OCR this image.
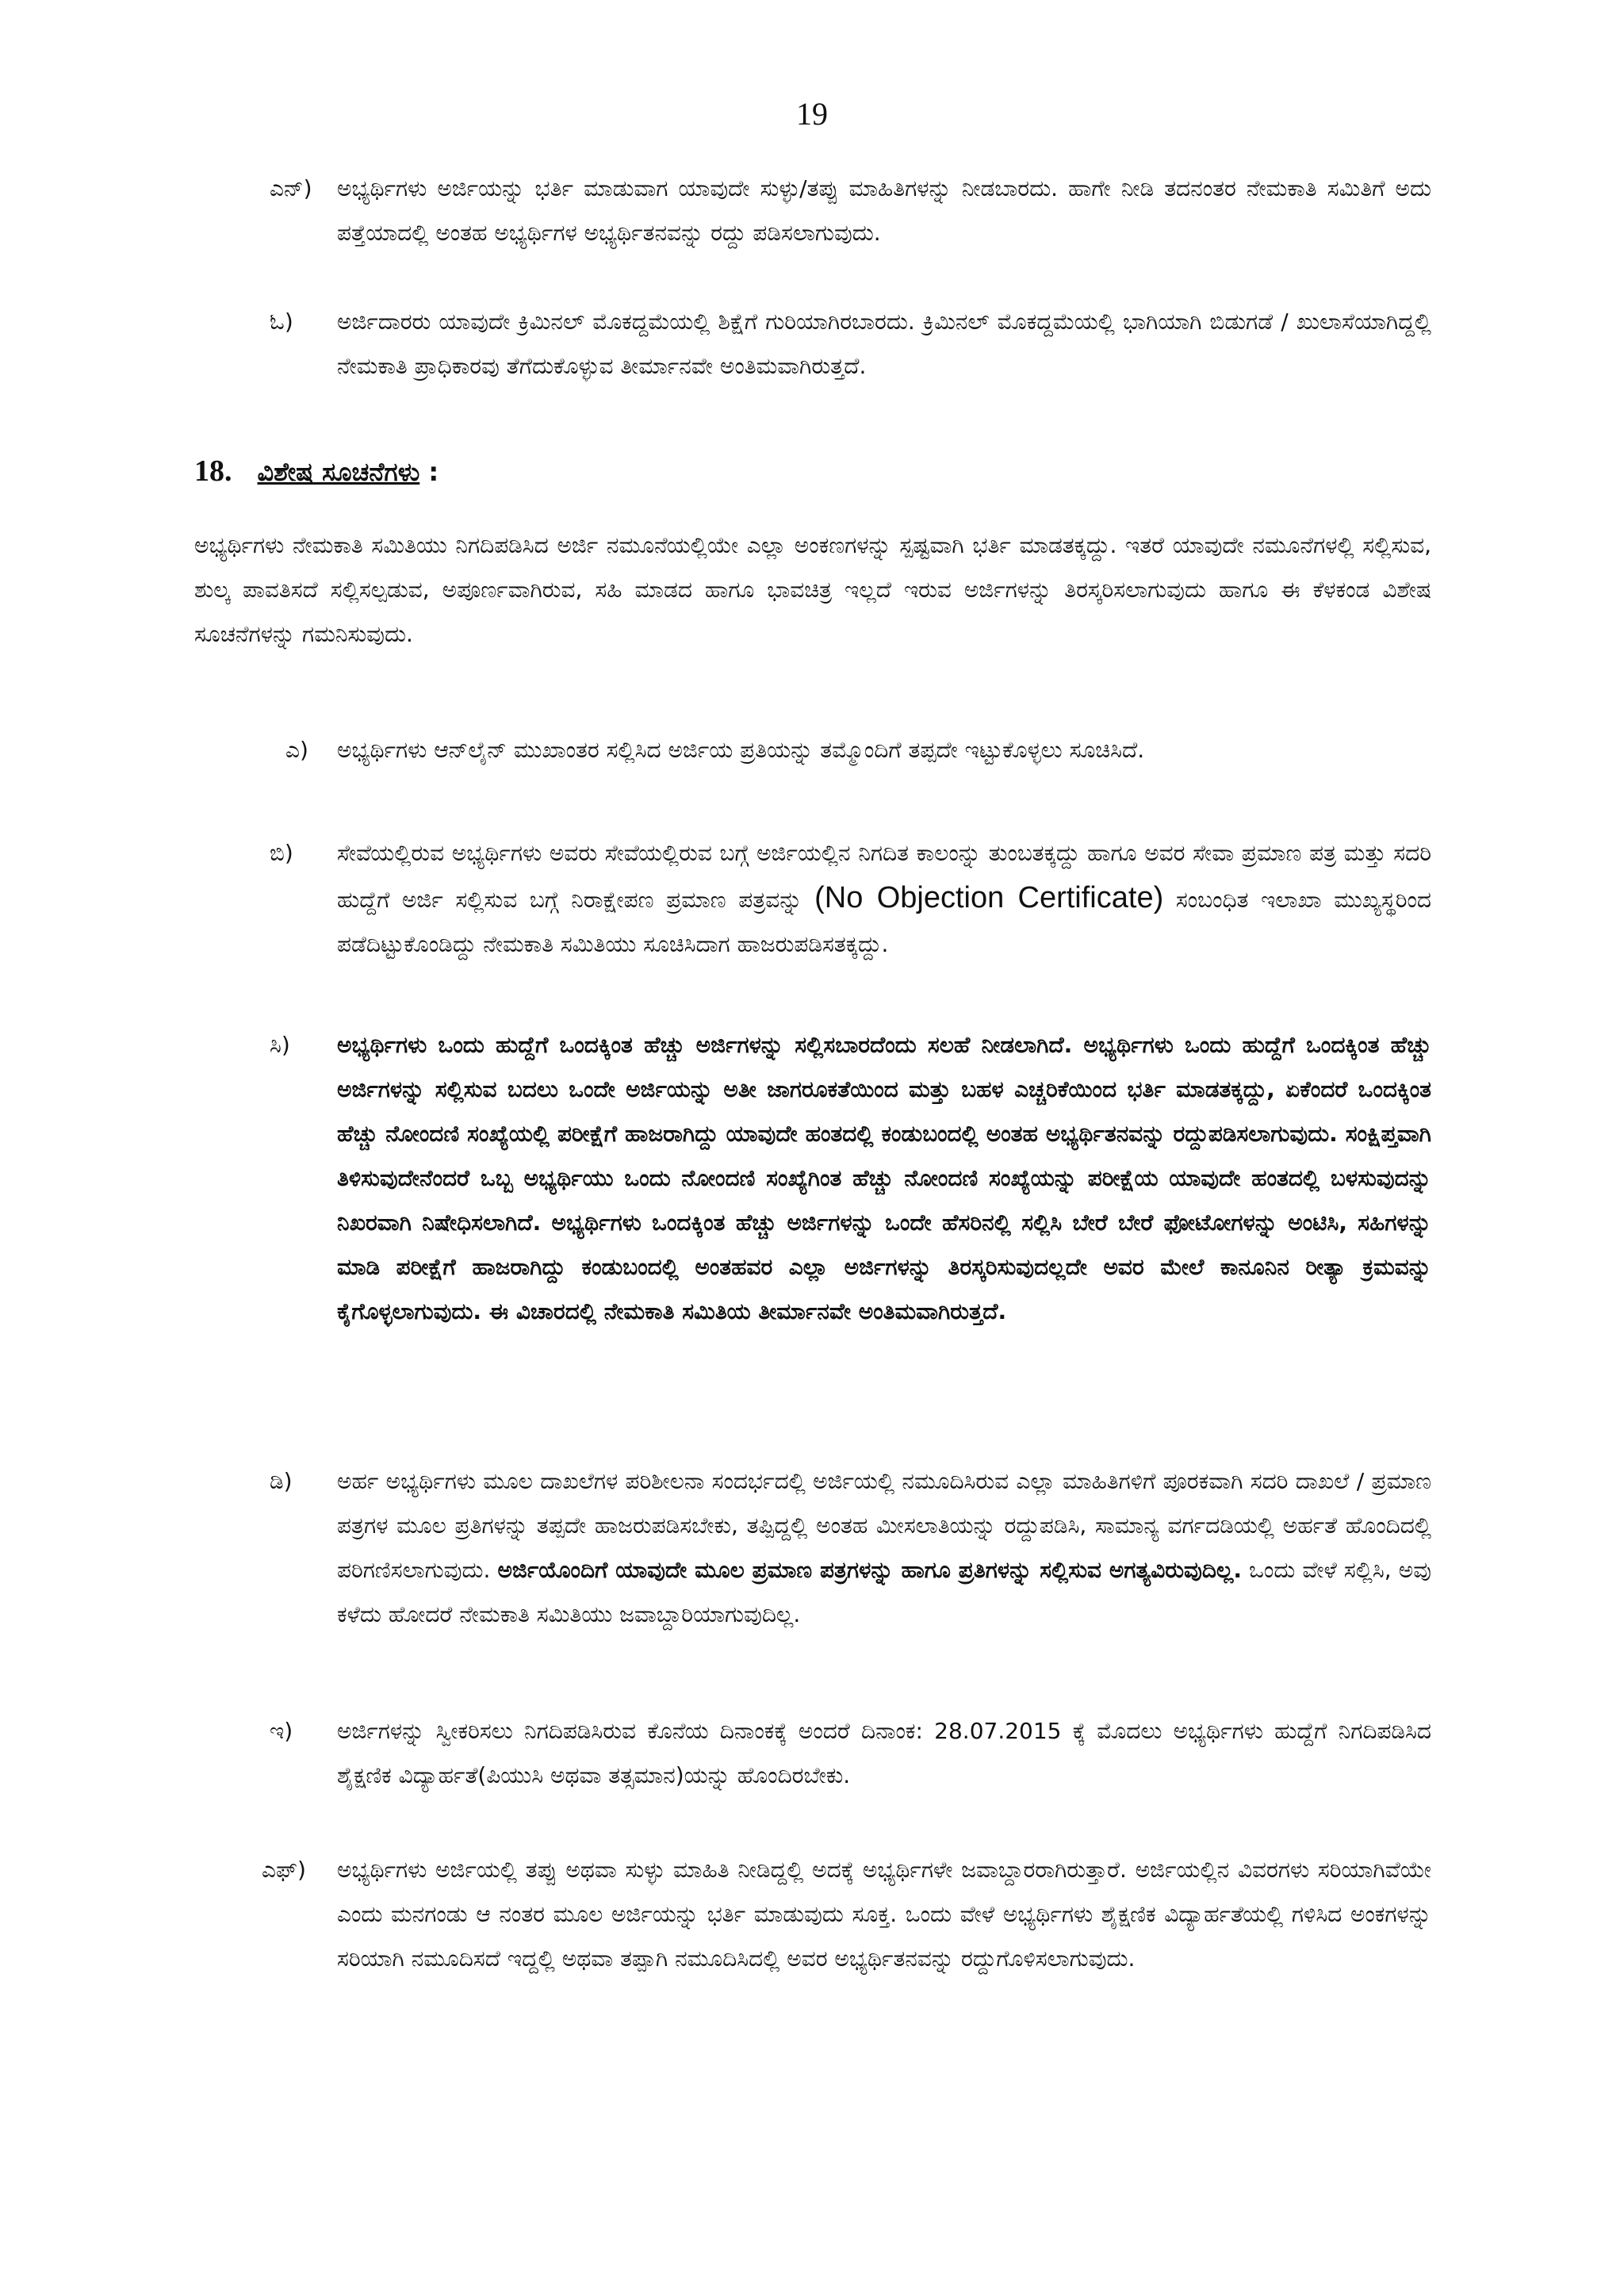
19
ಎನ್) ಅಭ್ಯರ್ಥಿಗಳು ಅರ್ಜಿಯನ್ನು ಭರ್ತಿ ಮಾಡುವಾಗ ಯಾವುದೇ ಸುಳ್ಳು/ತಪ್ಪು ಮಾಹಿತಿಗಳನ್ನು ನೀಡಬಾರದು. ಹಾಗೇ ನೀಡಿ ತದನಂತರ ನೇಮಕಾತಿ ಸಮಿತಿಗೆ ಅದು ಪತ್ತೆಯಾದಲ್ಲಿ ಅಂತಹ ಅಭ್ಯರ್ಥಿಗಳ ಅಭ್ಯರ್ಥಿತನವನ್ನು ರದ್ದು ಪಡಿಸಲಾಗುವುದು.
ಓ) ಅರ್ಜಿದಾರರು ಯಾವುದೇ ಕ್ರಿಮಿನಲ್ ಮೊಕದ್ದಮೆಯಲ್ಲಿ ಶಿಕ್ಷೆಗೆ ಗುರಿಯಾಗಿರಬಾರದು. ಕ್ರಿಮಿನಲ್ ಮೊಕದ್ದಮೆಯಲ್ಲಿ ಭಾಗಿಯಾಗಿ ಬಿಡುಗಡೆ / ಖುಲಾಸೆಯಾಗಿದ್ದಲ್ಲಿ ನೇಮಕಾತಿ ಪ್ರಾಧಿಕಾರವು ತೆಗೆದುಕೊಳ್ಳುವ ತೀರ್ಮಾನವೇ ಅಂತಿಮವಾಗಿರುತ್ತದೆ.
18. ವಿಶೇಷ ಸೂಚನೆಗಳು :
ಅಭ್ಯರ್ಥಿಗಳು ನೇಮಕಾತಿ ಸಮಿತಿಯು ನಿಗದಿಪಡಿಸಿದ ಅರ್ಜಿ ನಮೂನೆಯಲ್ಲಿಯೇ ಎಲ್ಲಾ ಅಂಕಣಗಳನ್ನು ಸ್ಪಷ್ಟವಾಗಿ ಭರ್ತಿ ಮಾಡತಕ್ಕದ್ದು. ಇತರೆ ಯಾವುದೇ ನಮೂನೆಗಳಲ್ಲಿ ಸಲ್ಲಿಸುವ, ಶುಲ್ಕ ಪಾವತಿಸದೆ ಸಲ್ಲಿಸಲ್ಪಡುವ, ಅಪೂರ್ಣವಾಗಿರುವ, ಸಹಿ ಮಾಡದ ಹಾಗೂ ಭಾವಚಿತ್ರ ಇಲ್ಲದೆ ಇರುವ ಅರ್ಜಿಗಳನ್ನು ತಿರಸ್ಕರಿಸಲಾಗುವುದು ಹಾಗೂ ಈ ಕೆಳಕಂಡ ವಿಶೇಷ ಸೂಚನೆಗಳನ್ನು ಗಮನಿಸುವುದು.
ಎ) ಅಭ್ಯರ್ಥಿಗಳು ಆನ್‌ಲೈನ್ ಮುಖಾಂತರ ಸಲ್ಲಿಸಿದ ಅರ್ಜಿಯ ಪ್ರತಿಯನ್ನು ತಮ್ಮೊಂದಿಗೆ ತಪ್ಪದೇ ಇಟ್ಟುಕೊಳ್ಳಲು ಸೂಚಿಸಿದೆ.
ಬಿ) ಸೇವೆಯಲ್ಲಿರುವ ಅಭ್ಯರ್ಥಿಗಳು ಅವರು ಸೇವೆಯಲ್ಲಿರುವ ಬಗ್ಗೆ ಅರ್ಜಿಯಲ್ಲಿನ ನಿಗದಿತ ಕಾಲಂನ್ನು ತುಂಬತಕ್ಕದ್ದು ಹಾಗೂ ಅವರ ಸೇವಾ ಪ್ರಮಾಣ ಪತ್ರ ಮತ್ತು ಸದರಿ ಹುದ್ದೆಗೆ ಅರ್ಜಿ ಸಲ್ಲಿಸುವ ಬಗ್ಗೆ ನಿರಾಕ್ಷೇಪಣ ಪ್ರಮಾಣ ಪತ್ರವನ್ನು (No Objection Certificate) ಸಂಬಂಧಿತ ಇಲಾಖಾ ಮುಖ್ಯಸ್ಥರಿಂದ ಪಡೆದಿಟ್ಟುಕೊಂಡಿದ್ದು ನೇಮಕಾತಿ ಸಮಿತಿಯು ಸೂಚಿಸಿದಾಗ ಹಾಜರುಪಡಿಸತಕ್ಕದ್ದು.
ಸಿ) ಅಭ್ಯರ್ಥಿಗಳು ಒಂದು ಹುದ್ದೆಗೆ ಒಂದಕ್ಕಿಂತ ಹೆಚ್ಚು ಅರ್ಜಿಗಳನ್ನು ಸಲ್ಲಿಸಬಾರದೆಂದು ಸಲಹೆ ನೀಡಲಾಗಿದೆ. ಅಭ್ಯರ್ಥಿಗಳು ಒಂದು ಹುದ್ದೆಗೆ ಒಂದಕ್ಕಿಂತ ಹೆಚ್ಚು ಅರ್ಜಿಗಳನ್ನು ಸಲ್ಲಿಸುವ ಬದಲು ಒಂದೇ ಅರ್ಜಿಯನ್ನು ಅತೀ ಜಾಗರೂಕತೆಯಿಂದ ಮತ್ತು ಬಹಳ ಎಚ್ಚರಿಕೆಯಿಂದ ಭರ್ತಿ ಮಾಡತಕ್ಕದ್ದು, ಏಕೆಂದರೆ ಒಂದಕ್ಕಿಂತ ಹೆಚ್ಚು ನೋಂದಣಿ ಸಂಖ್ಯೆಯಲ್ಲಿ ಪರೀಕ್ಷೆಗೆ ಹಾಜರಾಗಿದ್ದು ಯಾವುದೇ ಹಂತದಲ್ಲಿ ಕಂಡುಬಂದಲ್ಲಿ ಅಂತಹ ಅಭ್ಯರ್ಥಿತನವನ್ನು ರದ್ದುಪಡಿಸಲಾಗುವುದು. ಸಂಕ್ಷಿಪ್ತವಾಗಿ ತಿಳಿಸುವುದೇನೆಂದರೆ ಒಬ್ಬ ಅಭ್ಯರ್ಥಿಯು ಒಂದು ನೋಂದಣಿ ಸಂಖ್ಯೆಗಿಂತ ಹೆಚ್ಚು ನೋಂದಣಿ ಸಂಖ್ಯೆಯನ್ನು ಪರೀಕ್ಷೆಯ ಯಾವುದೇ ಹಂತದಲ್ಲಿ ಬಳಸುವುದನ್ನು ನಿಖರವಾಗಿ ನಿಷೇಧಿಸಲಾಗಿದೆ. ಅಭ್ಯರ್ಥಿಗಳು ಒಂದಕ್ಕಿಂತ ಹೆಚ್ಚು ಅರ್ಜಿಗಳನ್ನು ಒಂದೇ ಹೆಸರಿನಲ್ಲಿ ಸಲ್ಲಿಸಿ ಬೇರೆ ಬೇರೆ ಫೋಟೋಗಳನ್ನು ಅಂಟಿಸಿ, ಸಹಿಗಳನ್ನು ಮಾಡಿ ಪರೀಕ್ಷೆಗೆ ಹಾಜರಾಗಿದ್ದು ಕಂಡುಬಂದಲ್ಲಿ ಅಂತಹವರ ಎಲ್ಲಾ ಅರ್ಜಿಗಳನ್ನು ತಿರಸ್ಕರಿಸುವುದಲ್ಲದೇ ಅವರ ಮೇಲೆ ಕಾನೂನಿನ ರೀತ್ಯಾ ಕ್ರಮವನ್ನು ಕೈಗೊಳ್ಳಲಾಗುವುದು. ಈ ವಿಚಾರದಲ್ಲಿ ನೇಮಕಾತಿ ಸಮಿತಿಯ ತೀರ್ಮಾನವೇ ಅಂತಿಮವಾಗಿರುತ್ತದೆ.
ಡಿ) ಅರ್ಹ ಅಭ್ಯರ್ಥಿಗಳು ಮೂಲ ದಾಖಲೆಗಳ ಪರಿಶೀಲನಾ ಸಂದರ್ಭದಲ್ಲಿ ಅರ್ಜಿಯಲ್ಲಿ ನಮೂದಿಸಿರುವ ಎಲ್ಲಾ ಮಾಹಿತಿಗಳಿಗೆ ಪೂರಕವಾಗಿ ಸದರಿ ದಾಖಲೆ / ಪ್ರಮಾಣ ಪತ್ರಗಳ ಮೂಲ ಪ್ರತಿಗಳನ್ನು ತಪ್ಪದೇ ಹಾಜರುಪಡಿಸಬೇಕು, ತಪ್ಪಿದ್ದಲ್ಲಿ ಅಂತಹ ಮೀಸಲಾತಿಯನ್ನು ರದ್ದುಪಡಿಸಿ, ಸಾಮಾನ್ಯ ವರ್ಗದಡಿಯಲ್ಲಿ ಅರ್ಹತೆ ಹೊಂದಿದಲ್ಲಿ ಪರಿಗಣಿಸಲಾಗುವುದು. ಅರ್ಜಿಯೊಂದಿಗೆ ಯಾವುದೇ ಮೂಲ ಪ್ರಮಾಣ ಪತ್ರಗಳನ್ನು ಹಾಗೂ ಪ್ರತಿಗಳನ್ನು ಸಲ್ಲಿಸುವ ಅಗತ್ಯವಿರುವುದಿಲ್ಲ. ಒಂದು ವೇಳೆ ಸಲ್ಲಿಸಿ, ಅವು ಕಳೆದು ಹೋದರೆ ನೇಮಕಾತಿ ಸಮಿತಿಯು ಜವಾಬ್ದಾರಿಯಾಗುವುದಿಲ್ಲ.
ಇ) ಅರ್ಜಿಗಳನ್ನು ಸ್ವೀಕರಿಸಲು ನಿಗದಿಪಡಿಸಿರುವ ಕೊನೆಯ ದಿನಾಂಕಕ್ಕೆ ಅಂದರೆ ದಿನಾಂಕ: 28.07.2015 ಕ್ಕೆ ಮೊದಲು ಅಭ್ಯರ್ಥಿಗಳು ಹುದ್ದೆಗೆ ನಿಗದಿಪಡಿಸಿದ ಶೈಕ್ಷಣಿಕ ವಿದ್ಯಾರ್ಹತೆ(ಪಿಯುಸಿ ಅಥವಾ ತತ್ಸಮಾನ)ಯನ್ನು ಹೊಂದಿರಬೇಕು.
ಎಫ್) ಅಭ್ಯರ್ಥಿಗಳು ಅರ್ಜಿಯಲ್ಲಿ ತಪ್ಪು ಅಥವಾ ಸುಳ್ಳು ಮಾಹಿತಿ ನೀಡಿದ್ದಲ್ಲಿ ಅದಕ್ಕೆ ಅಭ್ಯರ್ಥಿಗಳೇ ಜವಾಬ್ದಾರರಾಗಿರುತ್ತಾರೆ. ಅರ್ಜಿಯಲ್ಲಿನ ವಿವರಗಳು ಸರಿಯಾಗಿವೆಯೇ ಎಂದು ಮನಗಂಡು ಆ ನಂತರ ಮೂಲ ಅರ್ಜಿಯನ್ನು ಭರ್ತಿ ಮಾಡುವುದು ಸೂಕ್ತ. ಒಂದು ವೇಳೆ ಅಭ್ಯರ್ಥಿಗಳು ಶೈಕ್ಷಣಿಕ ವಿದ್ಯಾರ್ಹತೆಯಲ್ಲಿ ಗಳಿಸಿದ ಅಂಕಗಳನ್ನು ಸರಿಯಾಗಿ ನಮೂದಿಸದೆ ಇದ್ದಲ್ಲಿ ಅಥವಾ ತಪ್ಪಾಗಿ ನಮೂದಿಸಿದಲ್ಲಿ ಅವರ ಅಭ್ಯರ್ಥಿತನವನ್ನು ರದ್ದುಗೊಳಿಸಲಾಗುವುದು.
